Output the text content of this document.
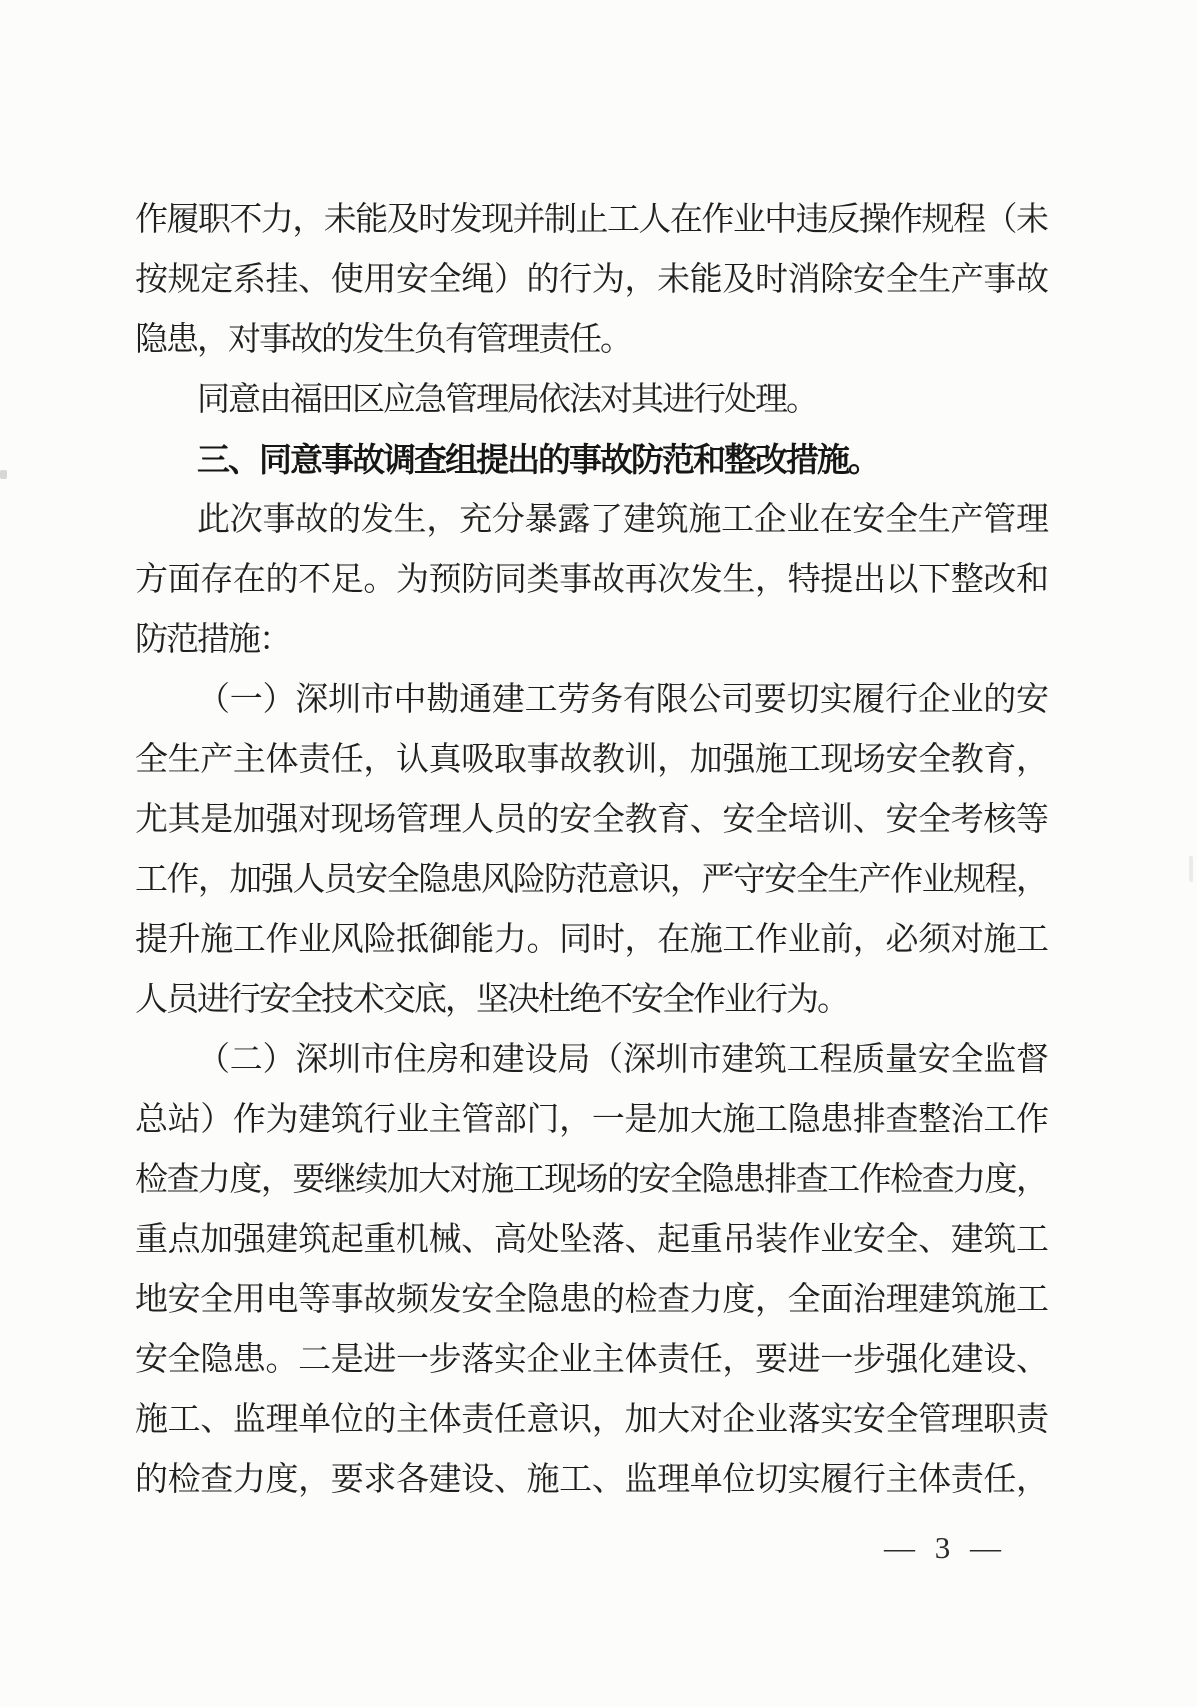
作履职不力，未能及时发现并制止工人在作业中违反操作规程（未
按规定系挂、使用安全绳）的行为，未能及时消除安全生产事故
隐患，对事故的发生负有管理责任。
同意由福田区应急管理局依法对其进行处理。
三、同意事故调查组提出的事故防范和整改措施。
此次事故的发生，充分暴露了建筑施工企业在安全生产管理
方面存在的不足。为预防同类事故再次发生，特提出以下整改和
防范措施：
（一）深圳市中勘通建工劳务有限公司要切实履行企业的安
全生产主体责任，认真吸取事故教训，加强施工现场安全教育，
尤其是加强对现场管理人员的安全教育、安全培训、安全考核等
工作，加强人员安全隐患风险防范意识，严守安全生产作业规程，
提升施工作业风险抵御能力。同时，在施工作业前，必须对施工
人员进行安全技术交底，坚决杜绝不安全作业行为。
（二）深圳市住房和建设局（深圳市建筑工程质量安全监督
总站）作为建筑行业主管部门，一是加大施工隐患排查整治工作
检查力度，要继续加大对施工现场的安全隐患排查工作检查力度，
重点加强建筑起重机械、高处坠落、起重吊装作业安全、建筑工
地安全用电等事故频发安全隐患的检查力度，全面治理建筑施工
安全隐患。二是进一步落实企业主体责任，要进一步强化建设、
施工、监理单位的主体责任意识，加大对企业落实安全管理职责
的检查力度，要求各建设、施工、监理单位切实履行主体责任，
— 3 —
